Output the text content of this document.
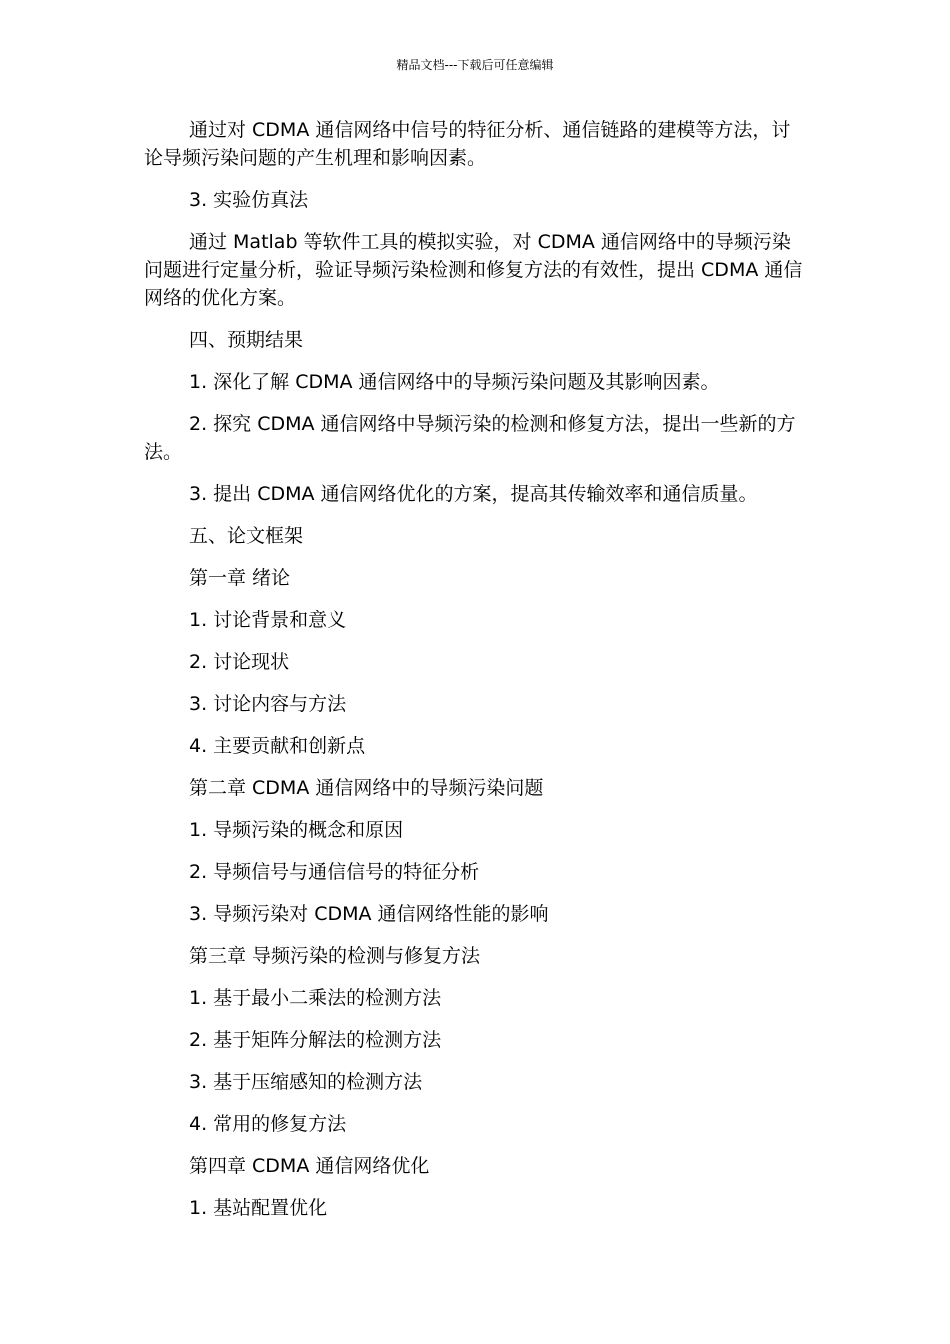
精品文档---下载后可任意编辑

通过对 CDMA 通信网络中信号的特征分析、通信链路的建模等方法，讨论导频污染问题的产生机理和影响因素。

3. 实验仿真法

通过 Matlab 等软件工具的模拟实验，对 CDMA 通信网络中的导频污染问题进行定量分析，验证导频污染检测和修复方法的有效性，提出 CDMA 通信网络的优化方案。

四、预期结果

1. 深化了解 CDMA 通信网络中的导频污染问题及其影响因素。

2. 探究 CDMA 通信网络中导频污染的检测和修复方法，提出一些新的方法。

3. 提出 CDMA 通信网络优化的方案，提高其传输效率和通信质量。

五、论文框架

第一章 绪论

1. 讨论背景和意义

2. 讨论现状

3. 讨论内容与方法

4. 主要贡献和创新点

第二章 CDMA 通信网络中的导频污染问题

1. 导频污染的概念和原因

2. 导频信号与通信信号的特征分析

3. 导频污染对 CDMA 通信网络性能的影响

第三章 导频污染的检测与修复方法

1. 基于最小二乘法的检测方法

2. 基于矩阵分解法的检测方法

3. 基于压缩感知的检测方法

4. 常用的修复方法

第四章 CDMA 通信网络优化

1. 基站配置优化
